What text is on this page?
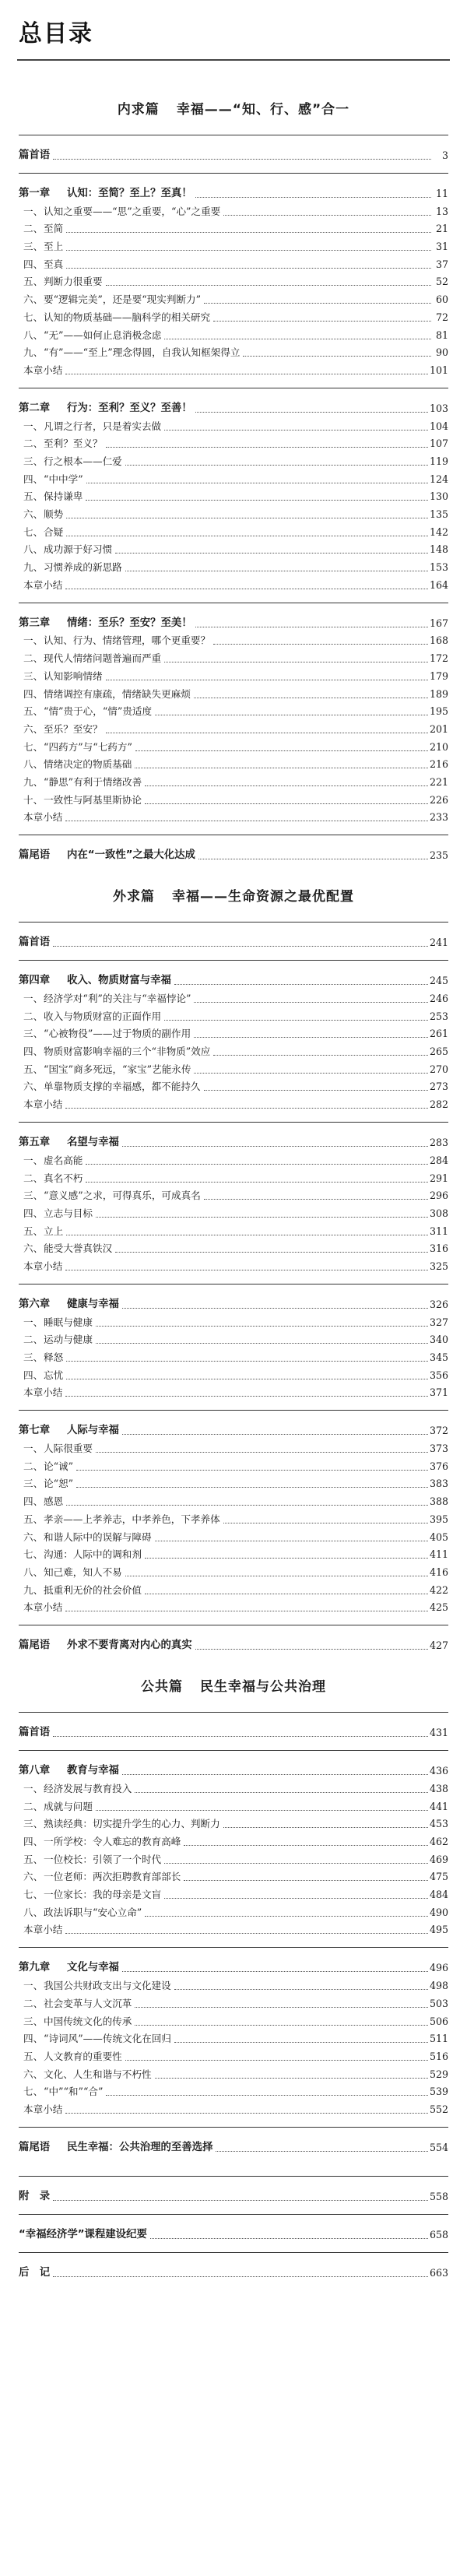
总目录
内求篇 幸福——“知、行、感”合一
篇首语	3
第一章 认知：至简？至上？至真！	11
一、认知之重要——“思”之重要，“心”之重要	13
二、至简	21
三、至上	31
四、至真	37
五、判断力很重要	52
六、要“逻辑完美”，还是要“现实判断力”	60
七、认知的物质基础——脑科学的相关研究	72
八、“无”——如何止息消极念虑	81
九、“有”——“至上”理念得圆，自我认知框架得立	90
本章小结	101
第二章 行为：至利？至义？至善！	103
一、凡谓之行者，只是着实去做	104
二、至利？至义？	107
三、行之根本——仁爱	119
四、“中中学”	124
五、保持谦卑	130
六、顺势	135
七、合疑	142
八、成功源于好习惯	148
九、习惯养成的新思路	153
本章小结	164
第三章 情绪：至乐？至安？至美！	167
一、认知、行为、情绪管理，哪个更重要？	168
二、现代人情绪问题普遍而严重	172
三、认知影响情绪	179
四、情绪调控有康疏，情绪缺失更麻烦	189
五、“情”贵于心，“情”贵适度	195
六、至乐？至安？	201
七、“四药方”与“七药方”	210
八、情绪决定的物质基础	216
九、“静思”有利于情绪改善	221
十、一致性与阿基里斯协论	226
本章小结	233
篇尾语 内在“一致性”之最大化达成	235
外求篇 幸福——生命资源之最优配置
篇首语	241
第四章 收入、物质财富与幸福	245
一、经济学对“利”的关注与“幸福悖论”	246
二、收入与物质财富的正面作用	253
三、“心被物役”——过于物质的副作用	261
四、物质财富影响幸福的三个“非物质”效应	265
五、“国宝”商多死远，“家宝”艺能永传	270
六、单靠物质支撑的幸福感，都不能持久	273
本章小结	282
第五章 名望与幸福	283
一、虚名高能	284
二、真名不朽	291
三、“意义感”之求，可得真乐，可成真名	296
四、立志与目标	308
五、立上	311
六、能受大誉真铁汉	316
本章小结	325
第六章 健康与幸福	326
一、睡眠与健康	327
二、运动与健康	340
三、释怒	345
四、忘忧	356
本章小结	371
第七章 人际与幸福	372
一、人际很重要	373
二、论“诚”	376
三、论“恕”	383
四、感恩	388
五、孝亲——上孝养志，中孝养色，下孝养体	395
六、和谐人际中的误解与障碍	405
七、沟通：人际中的调和剂	411
八、知己难，知人不易	416
九、抵重利无价的社会价值	422
本章小结	425
篇尾语 外求不要背离对内心的真实	427
公共篇 民生幸福与公共治理
篇首语	431
第八章 教育与幸福	436
一、经济发展与教育投入	438
二、成就与问题	441
三、熟读经典：切实提升学生的心力、判断力	453
四、一所学校：令人难忘的教育高峰	462
五、一位校长：引领了一个时代	469
六、一位老师：两次拒聘教育部部长	475
七、一位家长：我的母亲是文盲	484
八、政法诉职与“安心立命”	490
本章小结	495
第九章 文化与幸福	496
一、我国公共财政支出与文化建设	498
二、社会变革与人文沉革	503
三、中国传统文化的传承	506
四、“诗词风”——传统文化在回归	511
五、人文教育的重要性	516
六、文化、人生和谐与不朽性	529
七、“中”“和”“合”	539
本章小结	552
篇尾语 民生幸福：公共治理的至善选择	554
附　录	558
“幸福经济学”课程建设纪要	658
后　记	663
